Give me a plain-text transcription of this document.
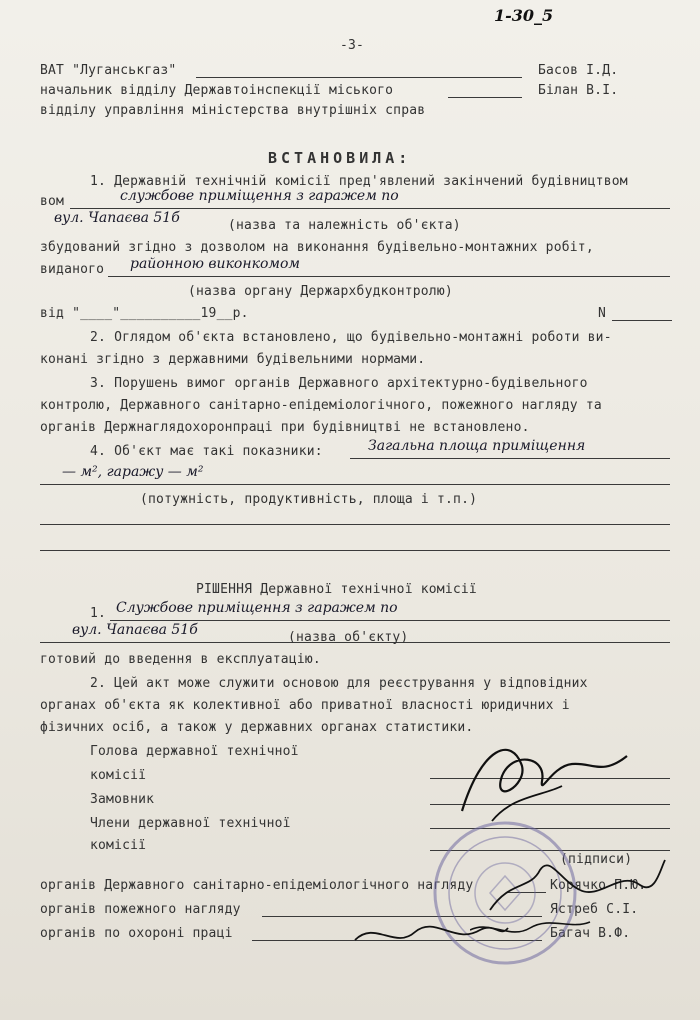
1-30_5
-3-
ВАТ "Луганськгаз"	Басов І.Д.
начальник відділу Державтоінспекції міського	Білан В.І.
відділу управління міністерства внутрішніх справ
ВСТАНОВИЛА:
1. Державній технічній комісії пред'явлений закінчений будівництвом
вом	службове приміщення з гаражем по
вул. Чапаєва 51б	(назва та належність об'єкта)
збудований згідно з дозволом на виконання будівельно-монтажних робіт,
виданого районною виконкомом
(назва органу Держархбудконтролю)
від "____"__________19__р.	N
2. Оглядом об'єкта встановлено, що будівельно-монтажні роботи ви-
конані згідно з державними будівельними нормами.
3. Порушень вимог органів Державного архітектурно-будівельного
контролю, Державного санітарно-епідеміологічного, пожежного нагляду та
органів Держнаглядохоронпраці при будівництві не встановлено.
4. Об'єкт має такі показники:	Загальна площа приміщення
— м², гаражу — м²
(потужність, продуктивність, площа і т.п.)
РІШЕННЯ Державної технічної комісії
1. Службове приміщення з гаражем по
вул. Чапаєва 51б	(назва об'єкту)
готовий до введення в експлуатацію.
2. Цей акт може служити основою для реєстрування у відповідних
органах об'єкта як колективної або приватної власності юридичних і
фізичних осіб, а також у державних органах статистики.
Голова державної технічної
комісії
Замовник
Члени державної технічної
комісії
(підписи)
органів Державного санітарно-епідеміологічного нагляду	Корячко П.Ю.
органів пожежного нагляду	Ястреб С.І.
органів по охороні праці	Багач В.Ф.
